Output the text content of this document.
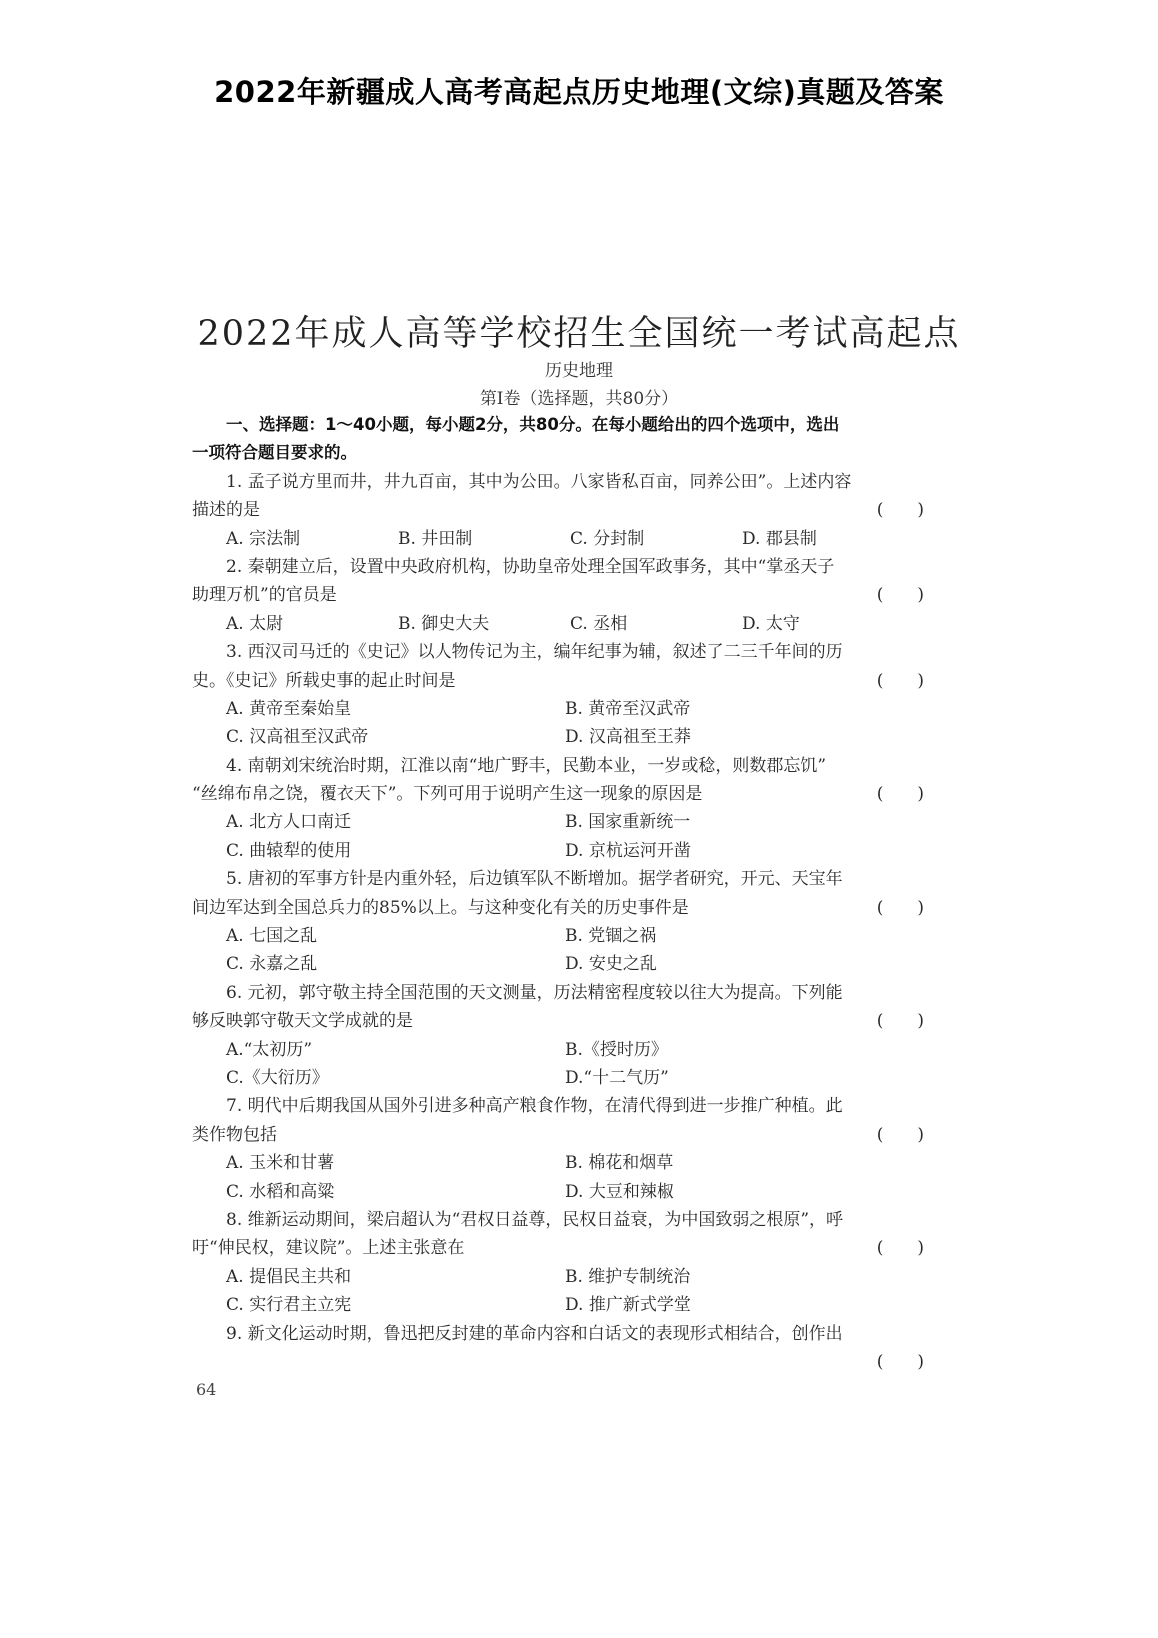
2022年新疆成人高考高起点历史地理(文综)真题及答案
2022年成人高等学校招生全国统一考试高起点
历史地理
第Ⅰ卷（选择题，共80分）
一、选择题：1～40小题，每小题2分，共80分。在每小题给出的四个选项中，选出
一项符合题目要求的。
1. 孟子说方里而井，井九百亩，其中为公田。八家皆私百亩，同养公田”。上述内容
描述的是	(　　)
A. 宗法制	B. 井田制	C. 分封制	D. 郡县制
2. 秦朝建立后，设置中央政府机构，协助皇帝处理全国军政事务，其中“掌丞天子
助理万机”的官员是	(　　)
A. 太尉	B. 御史大夫	C. 丞相	D. 太守
3. 西汉司马迁的《史记》以人物传记为主，编年纪事为辅，叙述了二三千年间的历
史。《史记》所载史事的起止时间是	(　　)
A. 黄帝至秦始皇	B. 黄帝至汉武帝
C. 汉高祖至汉武帝	D. 汉高祖至王莽
4. 南朝刘宋统治时期，江淮以南“地广野丰，民勤本业，一岁或稔，则数郡忘饥”
“丝绵布帛之饶，覆衣天下”。下列可用于说明产生这一现象的原因是	(　　)
A. 北方人口南迁	B. 国家重新统一
C. 曲辕犁的使用	D. 京杭运河开凿
5. 唐初的军事方针是内重外轻，后边镇军队不断增加。据学者研究，开元、天宝年
间边军达到全国总兵力的85%以上。与这种变化有关的历史事件是	(　　)
A. 七国之乱	B. 党锢之祸
C. 永嘉之乱	D. 安史之乱
6. 元初，郭守敬主持全国范围的天文测量，历法精密程度较以往大为提高。下列能
够反映郭守敬天文学成就的是	(　　)
A.“太初历”	B.《授时历》
C.《大衍历》	D.“十二气历”
7. 明代中后期我国从国外引进多种高产粮食作物，在清代得到进一步推广种植。此
类作物包括	(　　)
A. 玉米和甘薯	B. 棉花和烟草
C. 水稻和高粱	D. 大豆和辣椒
8. 维新运动期间，梁启超认为“君权日益尊，民权日益衰，为中国致弱之根原”，呼
吁“伸民权，建议院”。上述主张意在	(　　)
A. 提倡民主共和	B. 维护专制统治
C. 实行君主立宪	D. 推广新式学堂
9. 新文化运动时期，鲁迅把反封建的革命内容和白话文的表现形式相结合，创作出
(　　)
64
